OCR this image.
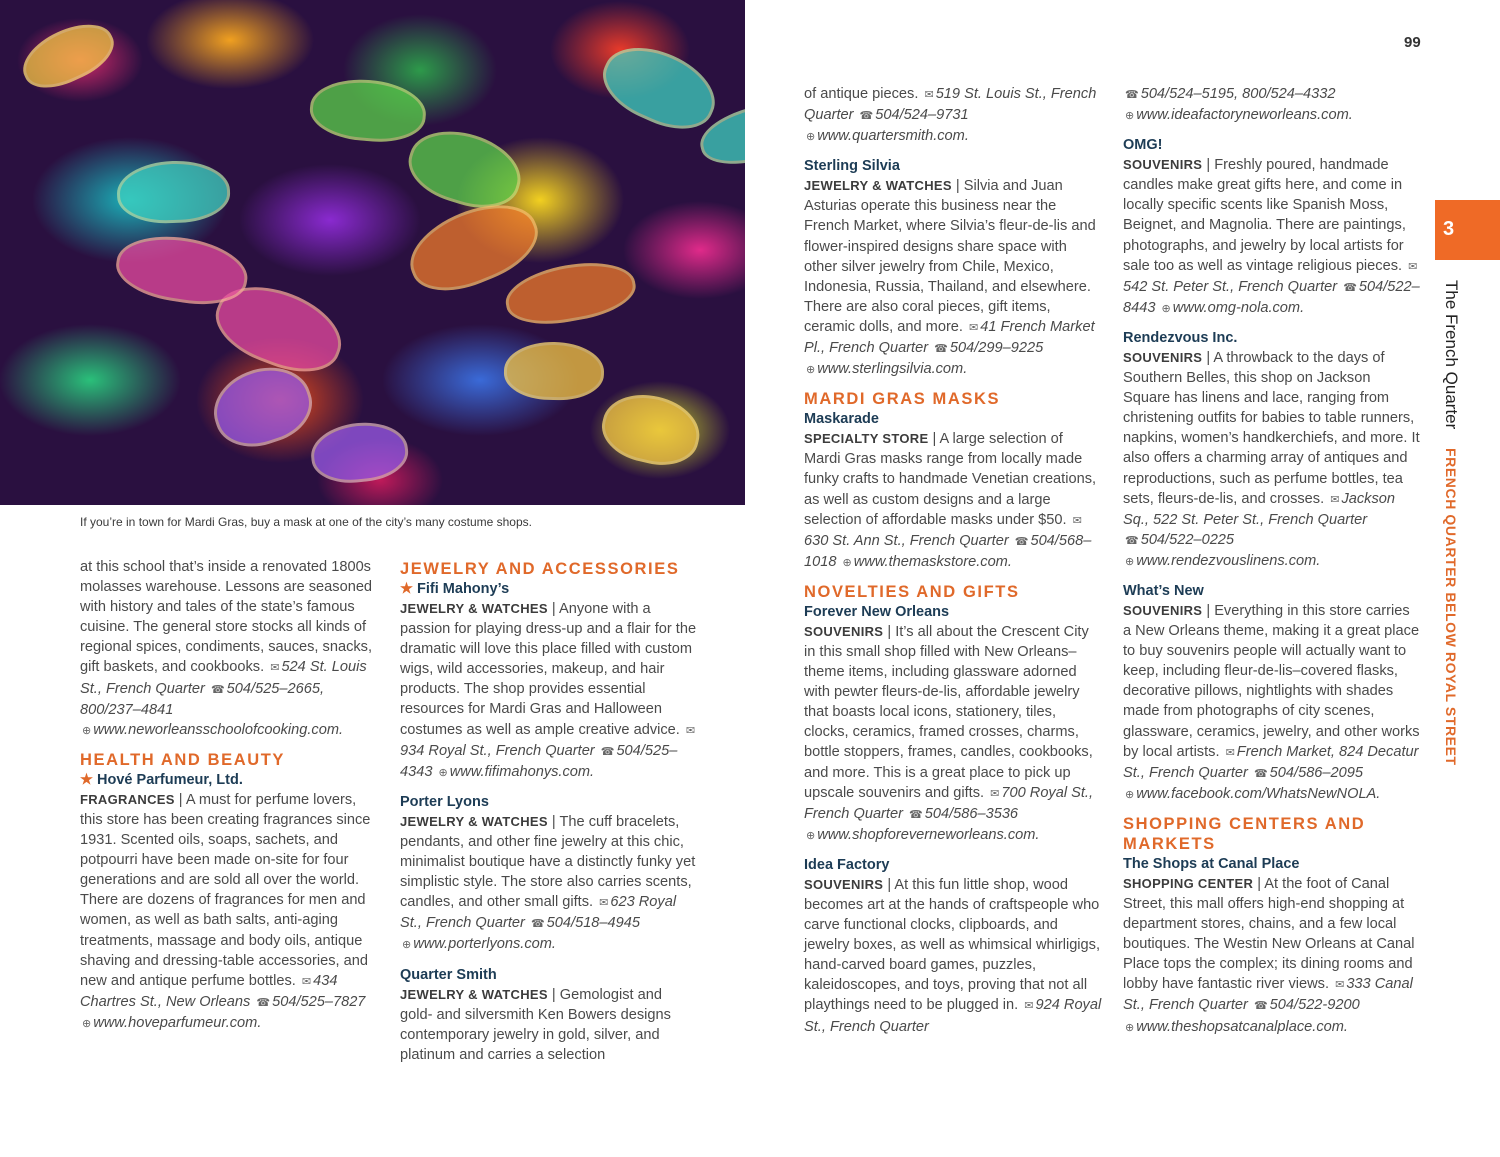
If you’re in town for Mardi Gras, buy a mask at one of the city’s many costume shops.
at this school that’s inside a renovated 1800s molasses warehouse. Lessons are seasoned with history and tales of the state’s famous cuisine. The general store stocks all kinds of regional spices, condiments, sauces, snacks, gift baskets, and cookbooks. ✉ 524 St. Louis St., French Quarter ☎ 504/525–2665, 800/237–4841 ⊕ www.neworleansschoolofcooking.com.
HEALTH AND BEAUTY
★ Hové Parfumeur, Ltd.
FRAGRANCES | A must for perfume lovers, this store has been creating fragrances since 1931. Scented oils, soaps, sachets, and potpourri have been made on-site for four generations and are sold all over the world. There are dozens of fragrances for men and women, as well as bath salts, anti-aging treatments, massage and body oils, antique shaving and dressing-table accessories, and new and antique perfume bottles. ✉ 434 Chartres St., New Orleans ☎ 504/525–7827 ⊕ www.hoveparfumeur.com.
JEWELRY AND ACCESSORIES
★ Fifi Mahony’s
JEWELRY & WATCHES | Anyone with a passion for playing dress-up and a flair for the dramatic will love this place filled with custom wigs, wild accessories, makeup, and hair products. The shop provides essential resources for Mardi Gras and Halloween costumes as well as ample creative advice. ✉934 Royal St., French Quarter ☎ 504/525–4343 ⊕ www.fifimahonys.com.
Porter Lyons
JEWELRY & WATCHES | The cuff bracelets, pendants, and other fine jewelry at this chic, minimalist boutique have a distinctly funky yet simplistic style. The store also carries scents, candles, and other small gifts. ✉ 623 Royal St., French Quarter ☎ 504/518–4945 ⊕ www.porterlyons.com.
Quarter Smith
JEWELRY & WATCHES | Gemologist and gold- and silversmith Ken Bowers designs contemporary jewelry in gold, silver, and platinum and carries a selection
of antique pieces. ✉ 519 St. Louis St., French Quarter ☎ 504/524–9731 ⊕ www.quartersmith.com.
Sterling Silvia
JEWELRY & WATCHES | Silvia and Juan Asturias operate this business near the French Market, where Silvia’s fleur-de-lis and flower-inspired designs share space with other silver jewelry from Chile, Mexico, Indonesia, Russia, Thailand, and elsewhere. There are also coral pieces, gift items, ceramic dolls, and more. ✉ 41 French Market Pl., French Quarter ☎ 504/299–9225 ⊕ www.sterlingsilvia.com.
MARDI GRAS MASKS
Maskarade
SPECIALTY STORE | A large selection of Mardi Gras masks range from locally made funky crafts to handmade Venetian creations, as well as custom designs and a large selection of affordable masks under $50. ✉630 St. Ann St., French Quarter ☎ 504/568–1018 ⊕ www.themaskstore.com.
NOVELTIES AND GIFTS
Forever New Orleans
SOUVENIRS | It’s all about the Crescent City in this small shop filled with New Orleans–theme items, including glassware adorned with pewter fleurs-de-lis, affordable jewelry that boasts local icons, stationery, tiles, clocks, ceramics, framed crosses, charms, bottle stoppers, frames, candles, cookbooks, and more. This is a great place to pick up upscale souvenirs and gifts. ✉ 700 Royal St., French Quarter ☎ 504/586–3536 ⊕ www.shopforeverneworleans.com.
Idea Factory
SOUVENIRS | At this fun little shop, wood becomes art at the hands of craftspeople who carve functional clocks, clipboards, and jewelry boxes, as well as whimsical whirligigs, hand-carved board games, puzzles, kaleidoscopes, and toys, proving that not all playthings need to be plugged in. ✉ 924 Royal St., French Quarter
☎ 504/524–5195, 800/524–4332 ⊕ www.ideafactoryneworleans.com.
OMG!
SOUVENIRS | Freshly poured, handmade candles make great gifts here, and come in locally specific scents like Spanish Moss, Beignet, and Magnolia. There are paintings, photographs, and jewelry by local artists for sale too as well as vintage religious pieces. ✉542 St. Peter St., French Quarter ☎ 504/522–8443 ⊕ www.omg-nola.com.
Rendezvous Inc.
SOUVENIRS | A throwback to the days of Southern Belles, this shop on Jackson Square has linens and lace, ranging from christening outfits for babies to table runners, napkins, women’s handkerchiefs, and more. It also offers a charming array of antiques and reproductions, such as perfume bottles, tea sets, fleurs-de-lis, and crosses. ✉ Jackson Sq., 522 St. Peter St., French Quarter ☎ 504/522–0225 ⊕ www.rendezvouslinens.com.
What’s New
SOUVENIRS | Everything in this store carries a New Orleans theme, making it a great place to buy souvenirs people will actually want to keep, including fleur-de-lis–covered flasks, decorative pillows, nightlights with shades made from photographs of city scenes, glassware, ceramics, jewelry, and other works by local artists. ✉ French Market, 824 Decatur St., French Quarter ☎ 504/586–2095 ⊕ www.facebook.com/WhatsNewNOLA.
SHOPPING CENTERS AND MARKETS
The Shops at Canal Place
SHOPPING CENTER | At the foot of Canal Street, this mall offers high-end shopping at department stores, chains, and a few local boutiques. The Westin New Orleans at Canal Place tops the complex; its dining rooms and lobby have fantastic river views. ✉ 333 Canal St., French Quarter ☎ 504/522-9200 ⊕ www.theshopsatcanalplace.com.
99
3
The French Quarter FRENCH QUARTER BELOW ROYAL STREET
